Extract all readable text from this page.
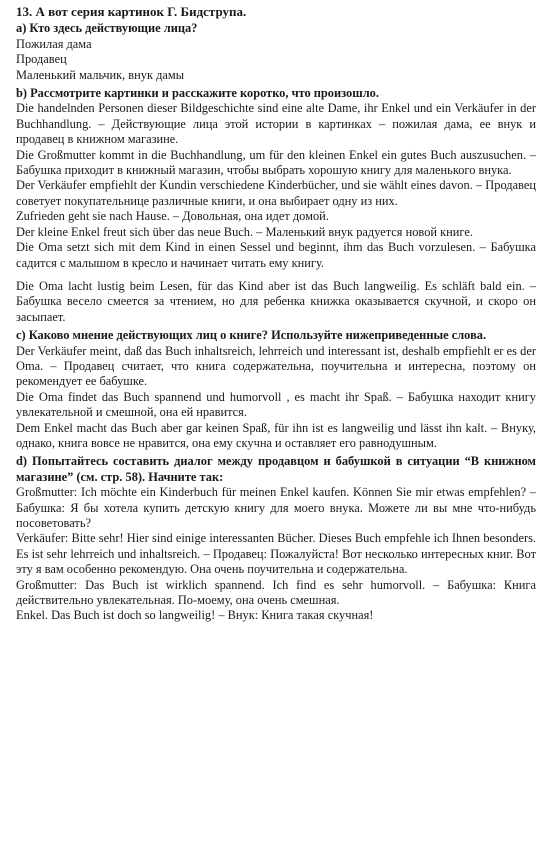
13. А вот серия картинок Г. Бидструпа.
a) Кто здесь действующие лица?
Пожилая дама
Продавец
Маленький мальчик, внук дамы
b) Рассмотрите картинки и расскажите коротко, что произошло.
Die handelnden Personen dieser Bildgeschichte sind eine alte Dame, ihr Enkel und ein Verkäufer in der Buchhandlung. – Действующие лица этой истории в картинках – пожилая дама, ее внук и продавец в книжном магазине.
Die Großmutter kommt in die Buchhandlung, um für den kleinen Enkel ein gutes Buch auszusuchen. – Бабушка приходит в книжный магазин, чтобы выбрать хорошую книгу для маленького внука.
Der Verkäufer empfiehlt der Kundin verschiedene Kinderbücher, und sie wählt eines davon. – Продавец советует покупательнице различные книги, и она выбирает одну из них.
Zufrieden geht sie nach Hause. – Довольная, она идет домой.
Der kleine Enkel freut sich über das neue Buch. – Маленький внук радуется новой книге.
Die Oma setzt sich mit dem Kind in einen Sessel und beginnt, ihm das Buch vorzulesen. – Бабушка садится с малышом в кресло и начинает читать ему книгу.
Die Oma lacht lustig beim Lesen, für das Kind aber ist das Buch langweilig. Es schläft bald ein. – Бабушка весело смеется за чтением, но для ребенка книжка оказывается скучной, и скоро он засыпает.
c) Каково мнение действующих лиц о книге? Используйте нижеприведенные слова.
Der Verkäufer meint, daß das Buch inhaltsreich, lehrreich und interessant ist, deshalb empfiehlt er es der Oma. – Продавец считает, что книга содержательна, поучительна и интересна, поэтому он рекомендует ее бабушке.
Die Oma findet das Buch spannend und humorvoll , es macht ihr Spaß. – Бабушка находит книгу увлекательной и смешной, она ей нравится.
Dem Enkel macht das Buch aber gar keinen Spaß, für ihn ist es langweilig und lässt ihn kalt. – Внуку, однако, книга вовсе не нравится, она ему скучна и оставляет его равнодушным.
d) Попытайтесь составить диалог между продавцом и бабушкой в ситуации “В книжном магазине” (см. стр. 58). Начните так:
Großmutter: Ich möchte ein Kinderbuch für meinen Enkel kaufen. Können Sie mir etwas empfehlen? – Бабушка: Я бы хотела купить детскую книгу для моего внука. Можете ли вы мне что-нибудь посоветовать?
Verkäufer: Bitte sehr! Hier sind einige interessanten Bücher. Dieses Buch empfehle ich Ihnen besonders. Es ist sehr lehrreich und inhaltsreich. – Продавец: Пожалуйста! Вот несколько интересных книг. Вот эту я вам особенно рекомендую. Она очень поучительна и содержательна.
Großmutter: Das Buch ist wirklich spannend. Ich find es sehr humorvoll. – Бабушка: Книга действительно увлекательная. По-моему, она очень смешная.
Enkel. Das Buch ist doch so langweilig! – Внук: Книга такая скучная!
